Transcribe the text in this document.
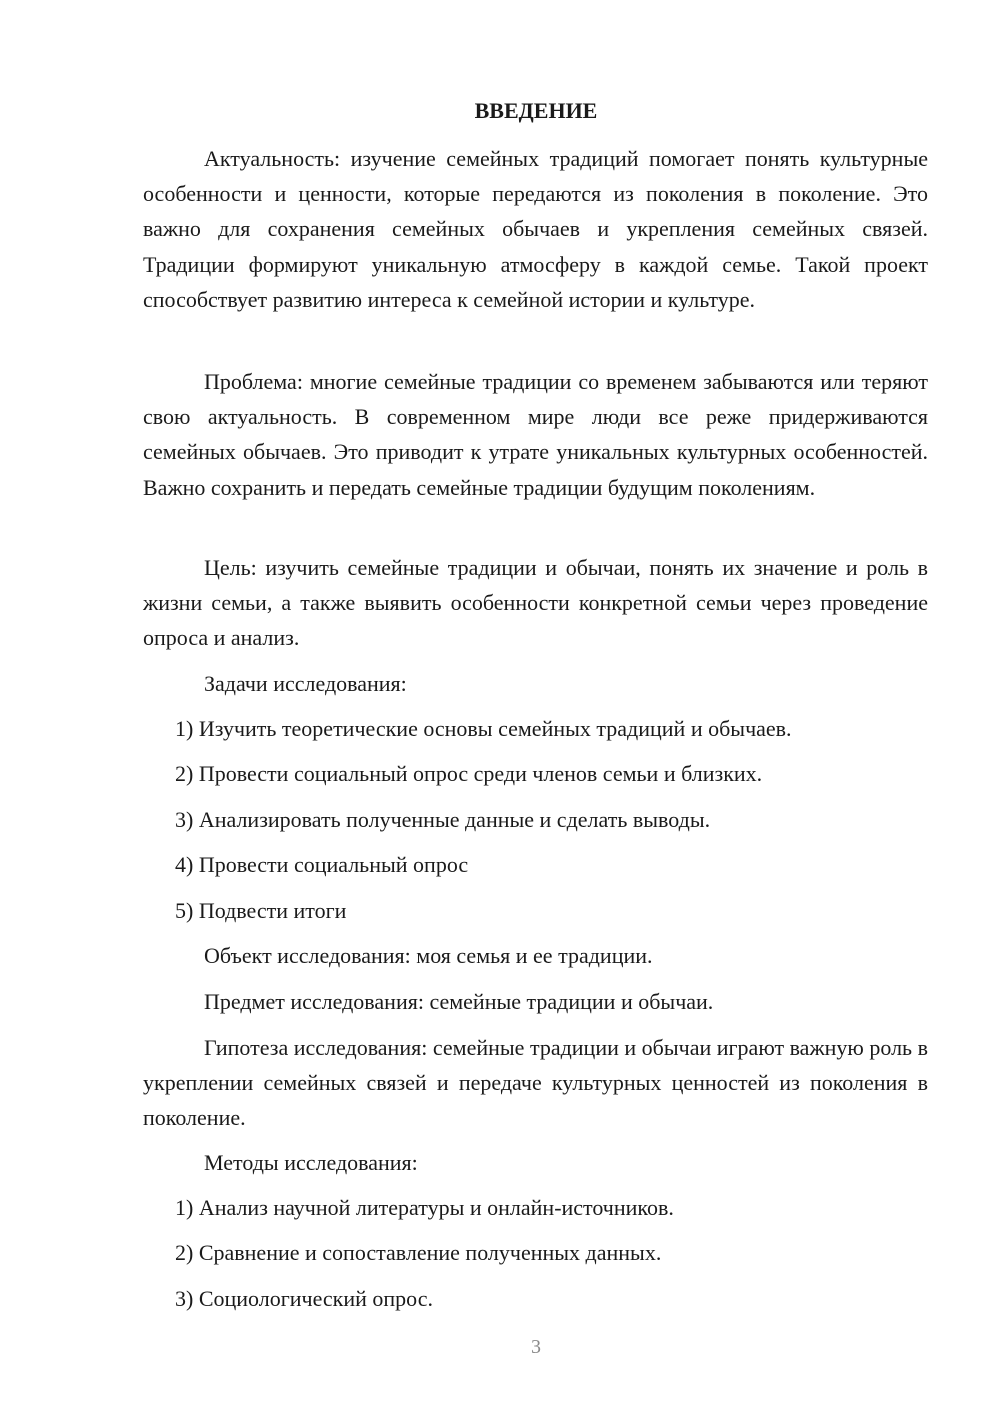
ВВЕДЕНИЕ

Актуальность: изучение семейных традиций помогает понять культурные особенности и ценности, которые передаются из поколения в поколение. Это важно для сохранения семейных обычаев и укрепления семейных связей. Традиции формируют уникальную атмосферу в каждой семье. Такой проект способствует развитию интереса к семейной истории и культуре.

Проблема: многие семейные традиции со временем забываются или теряют свою актуальность. В современном мире люди все реже придерживаются семейных обычаев. Это приводит к утрате уникальных культурных особенностей. Важно сохранить и передать семейные традиции будущим поколениям.

Цель: изучить семейные традиции и обычаи, понять их значение и роль в жизни семьи, а также выявить особенности конкретной семьи через проведение опроса и анализ.

Задачи исследования:

1) Изучить теоретические основы семейных традиций и обычаев.

2) Провести социальный опрос среди членов семьи и близких.

3) Анализировать полученные данные и сделать выводы.

4) Провести социальный опрос

5) Подвести итоги

Объект исследования: моя семья и ее традиции.

Предмет исследования: семейные традиции и обычаи.

Гипотеза исследования: семейные традиции и обычаи играют важную роль в укреплении семейных связей и передаче культурных ценностей из поколения в поколение.

Методы исследования:

1) Анализ научной литературы и онлайн-источников.

2) Сравнение и сопоставление полученных данных.

3) Социологический опрос.

3
